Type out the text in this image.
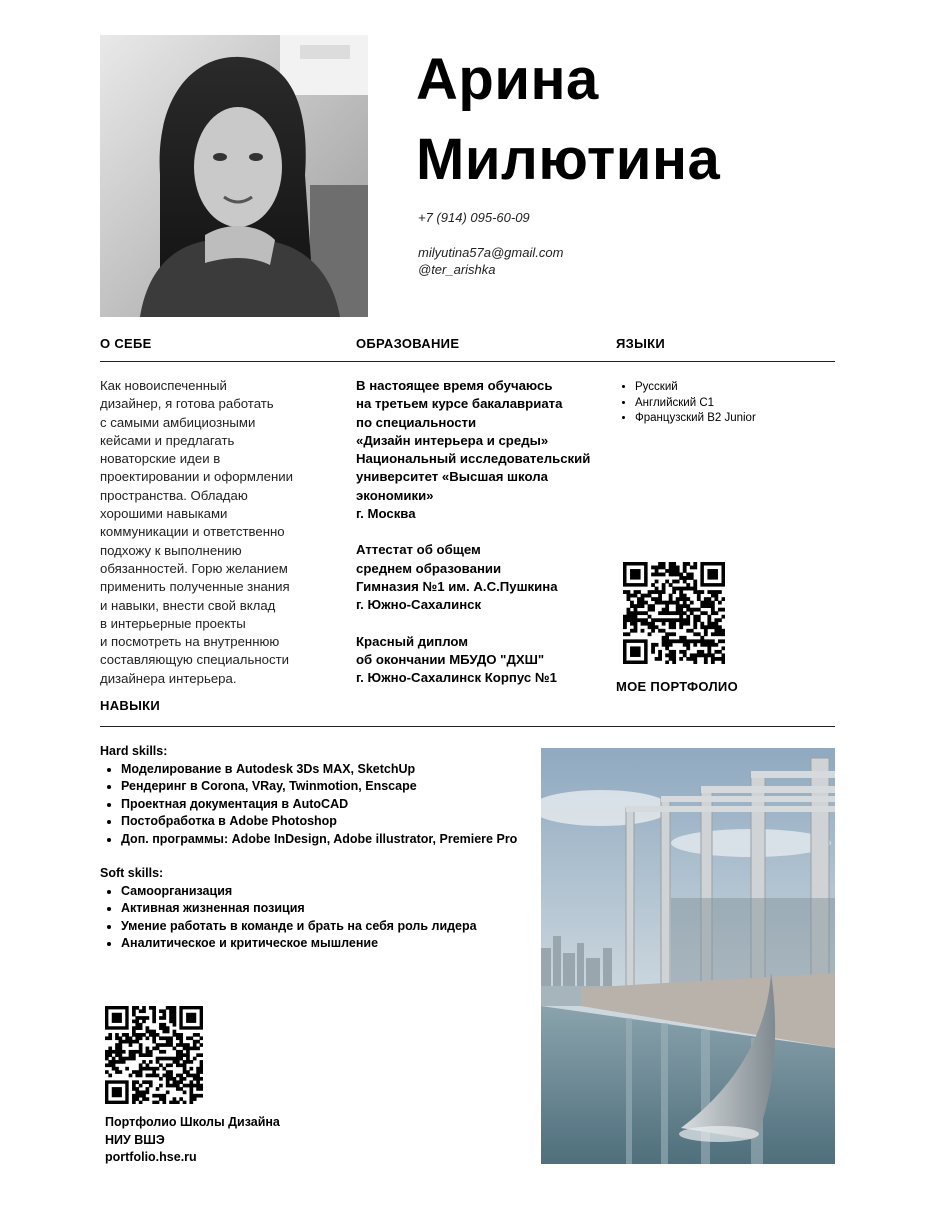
Арина
Милютина
+7 (914) 095-60-09
milyutina57a@gmail.com
@ter_arishka
О СЕБЕ	ОБРАЗОВАНИЕ	ЯЗЫКИ
Как новоиспеченный
дизайнер, я готова работать
с самыми амбициозными
кейсами и предлагать
новаторские идеи в
проектировании и оформлении
пространства. Обладаю
хорошими навыками
коммуникации и ответственно
подхожу к выполнению
обязанностей. Горю желанием
применить полученные знания
и навыки, внести свой вклад
в интерьерные проекты
и посмотреть на внутреннюю
составляющую специальности
дизайнера интерьера.

В настоящее время обучаюсь
на третьем курсе бакалавриата
по специальности
«Дизайн интерьера и среды»
Национальный исследовательский
университет «Высшая школа
экономики»
г. Москва

Аттестат об общем
среднем образовании
Гимназия №1 им. А.С.Пушкина
г. Южно-Сахалинск

Красный диплом
об окончании МБУДО "ДХШ"
г. Южно-Сахалинск Корпус №1

• Русский
• Английский С1
• Французский В2 Junior
МОЕ ПОРТФОЛИО
НАВЫКИ
Hard skills:
• Моделирование в Autodesk 3Ds MAX, SketchUp
• Рендеринг в Corona, VRay, Twinmotion, Enscape
• Проектная документация в AutoCAD
• Постобработка в Adobe Photoshop
• Доп. программы: Adobe InDesign, Adobe illustrator, Premiere Pro
Soft skills:
• Самоорганизация
• Активная жизненная позиция
• Умение работать в команде и брать на себя роль лидера
• Аналитическое и критическое мышление
Портфолио Школы Дизайна
НИУ ВШЭ
portfolio.hse.ru
